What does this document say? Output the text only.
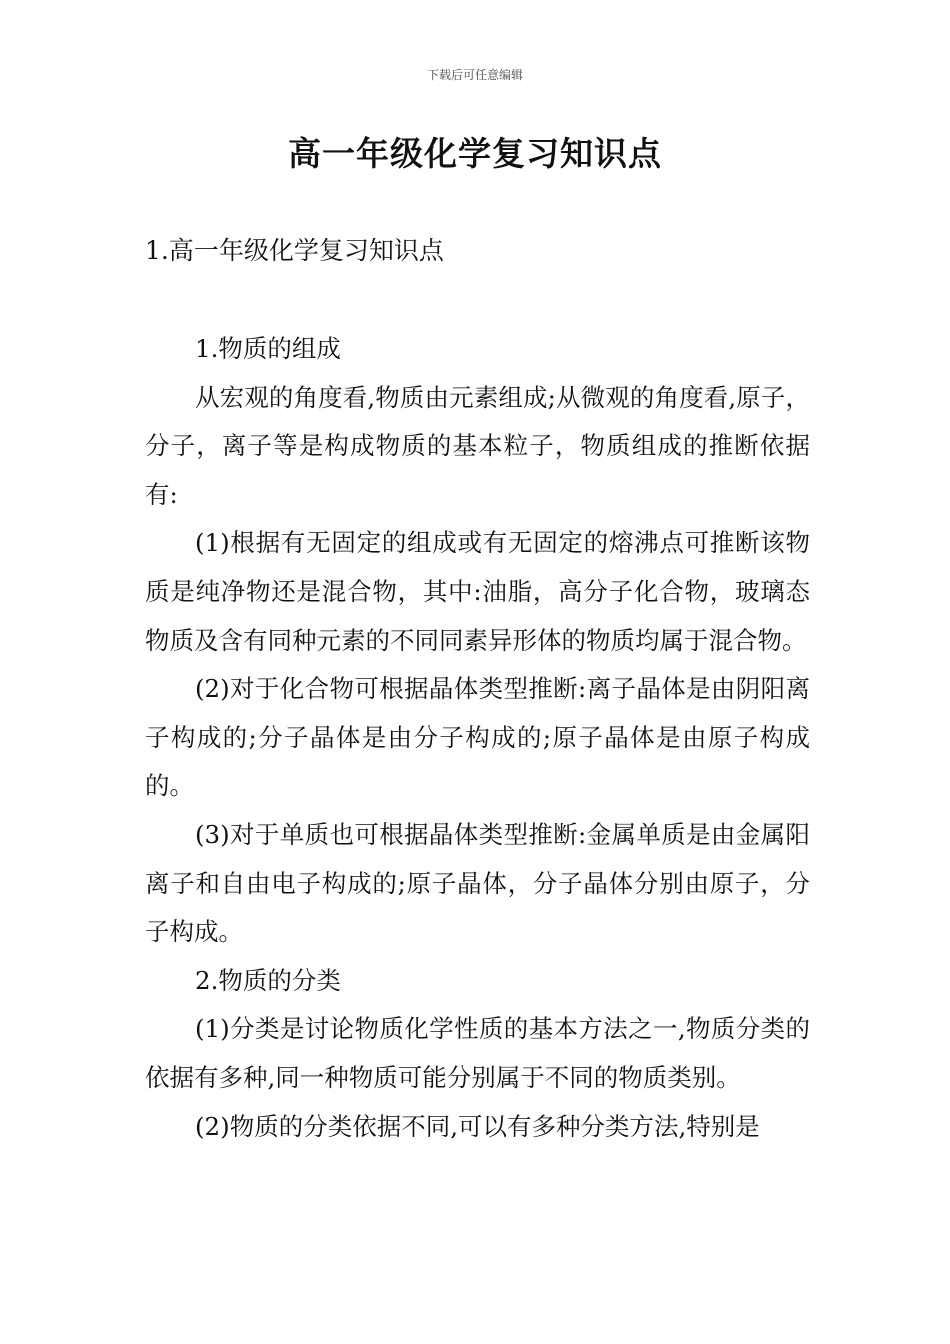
下载后可任意编辑
高一年级化学复习知识点
1.高一年级化学复习知识点

1.物质的组成

从宏观的角度看,物质由元素组成;从微观的角度看,原子，分子，离子等是构成物质的基本粒子，物质组成的推断依据有:

(1)根据有无固定的组成或有无固定的熔沸点可推断该物质是纯净物还是混合物，其中:油脂，高分子化合物，玻璃态物质及含有同种元素的不同同素异形体的物质均属于混合物。

(2)对于化合物可根据晶体类型推断:离子晶体是由阴阳离子构成的;分子晶体是由分子构成的;原子晶体是由原子构成的。

(3)对于单质也可根据晶体类型推断:金属单质是由金属阳离子和自由电子构成的;原子晶体，分子晶体分别由原子，分子构成。

2.物质的分类

(1)分类是讨论物质化学性质的基本方法之一,物质分类的依据有多种,同一种物质可能分别属于不同的物质类别。

(2)物质的分类依据不同,可以有多种分类方法,特别是
